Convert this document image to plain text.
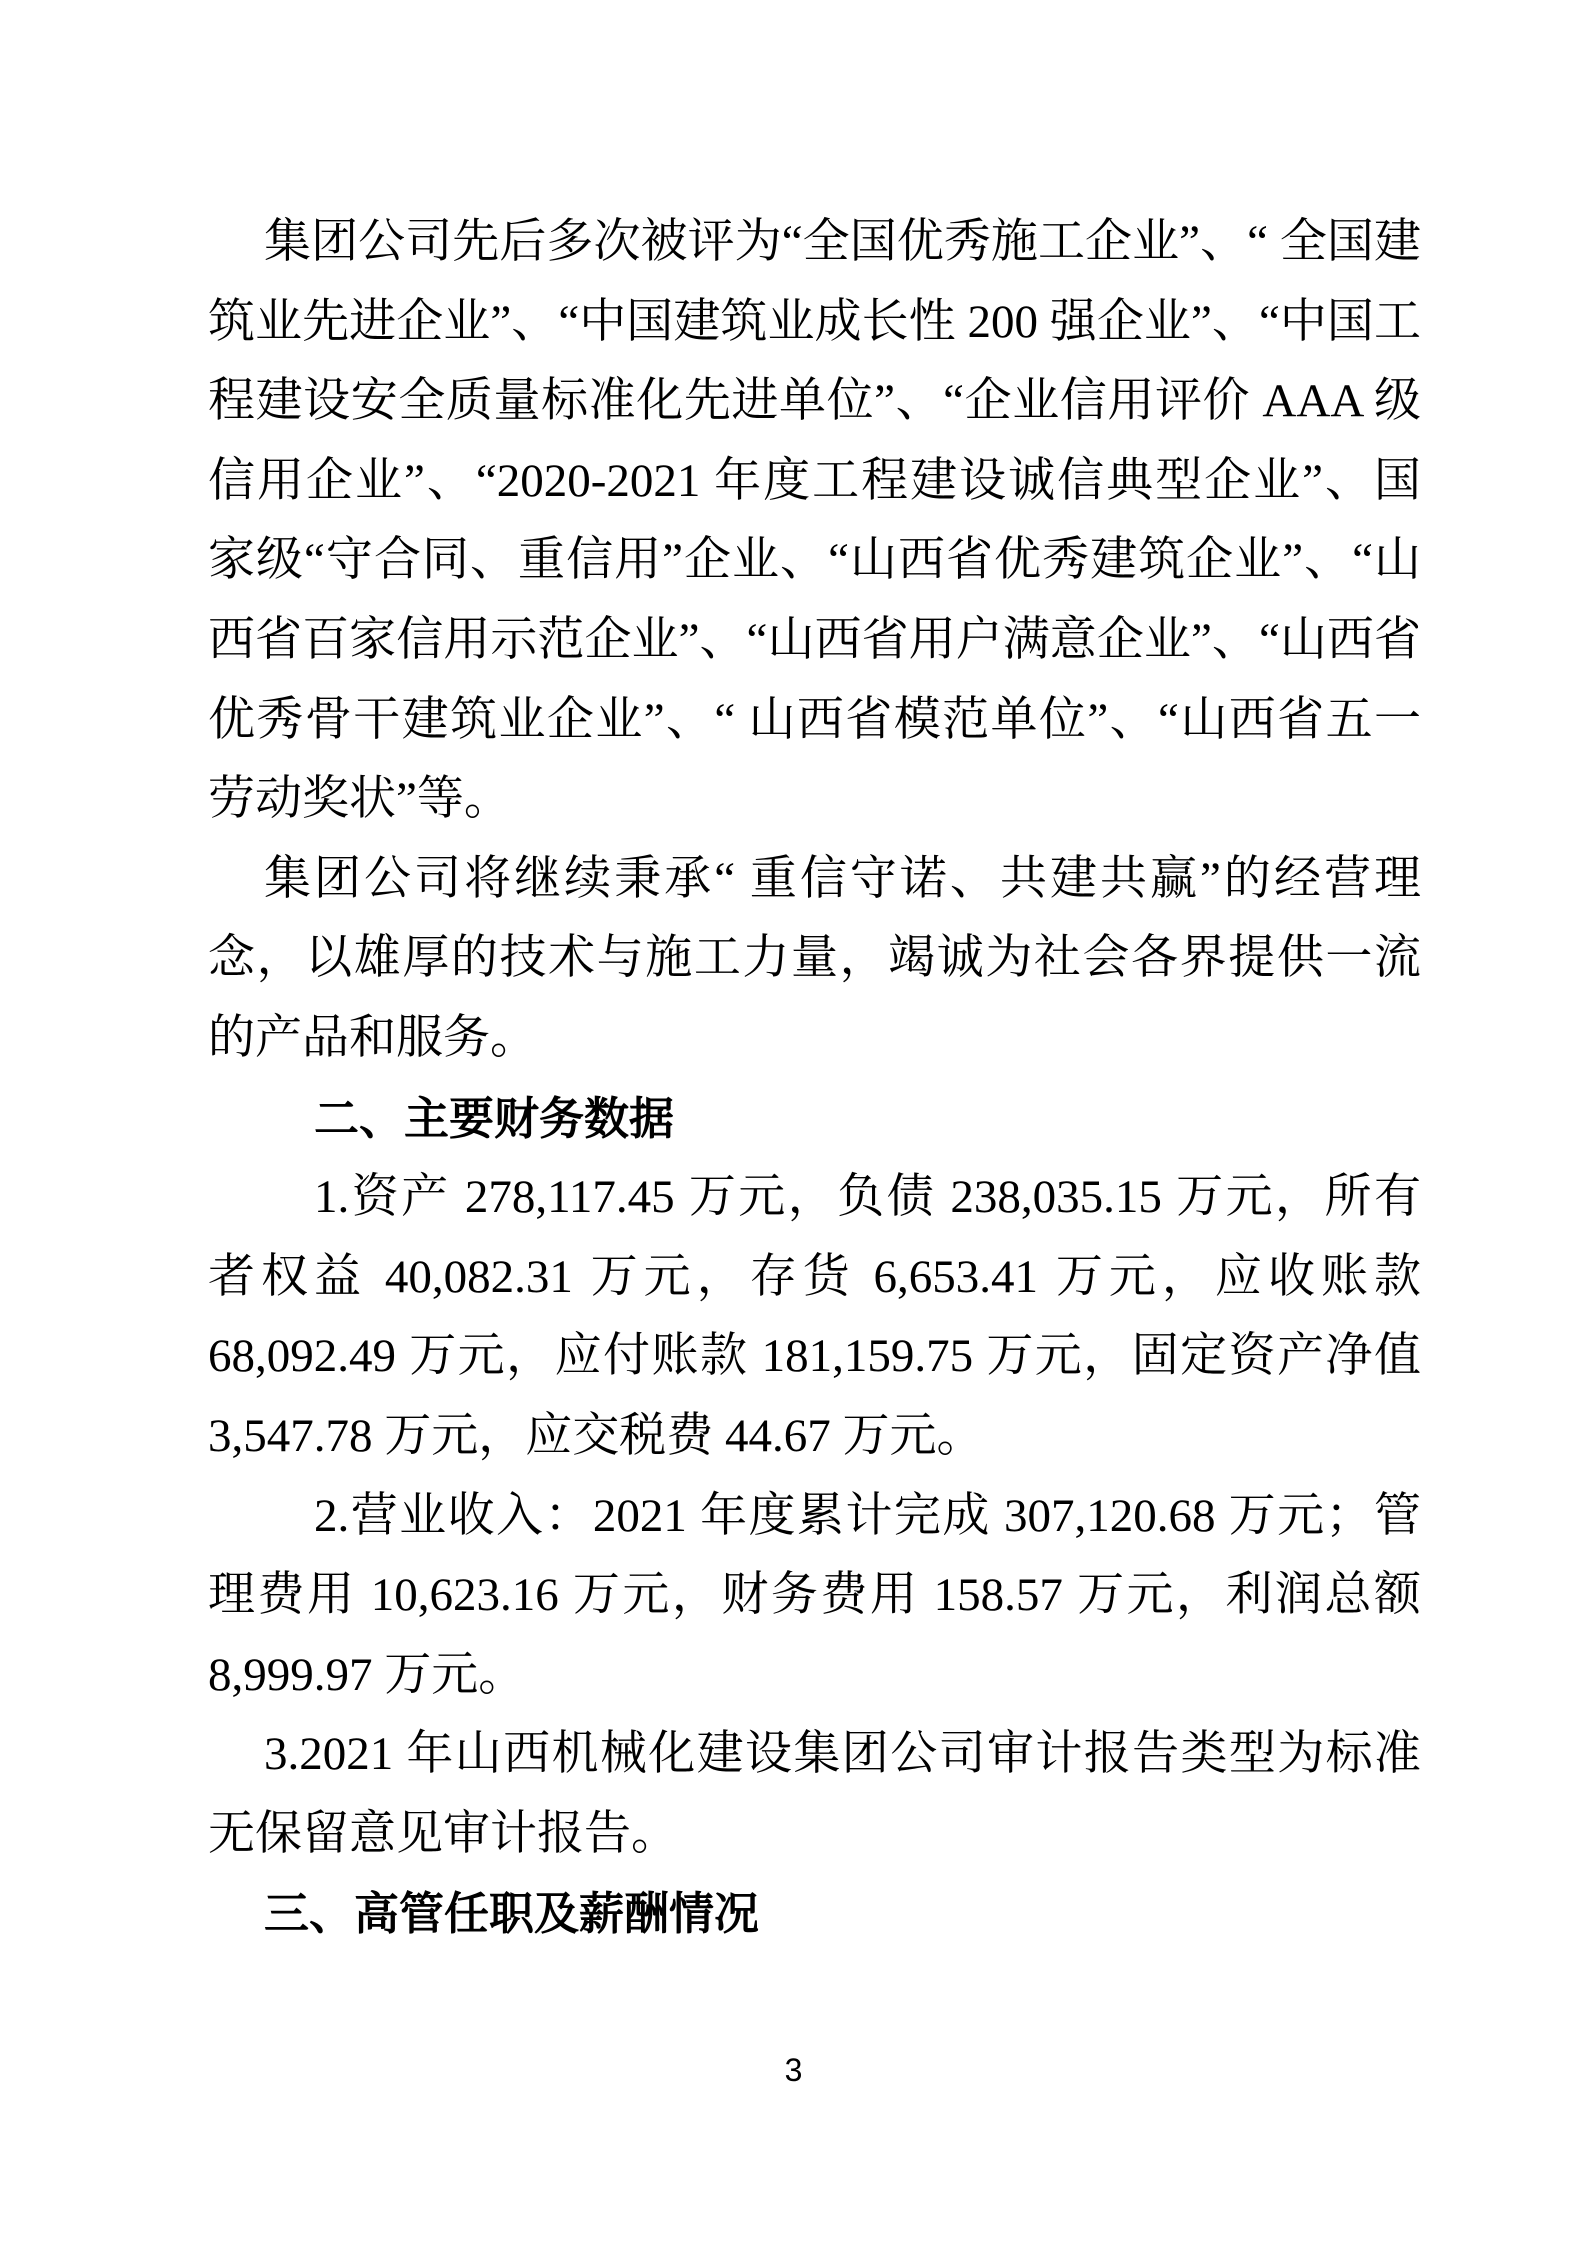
集团公司先后多次被评为“全国优秀施工企业”、“ 全国建筑业先进企业”、“中国建筑业成长性 200 强企业”、“中国工程建设安全质量标准化先进单位”、“企业信用评价 AAA 级信用企业”、“2020-2021 年度工程建设诚信典型企业”、国家级“守合同、重信用”企业、“山西省优秀建筑企业”、“山西省百家信用示范企业”、“山西省用户满意企业”、“山西省优秀骨干建筑业企业”、“ 山西省模范单位”、“山西省五一劳动奖状”等。

集团公司将继续秉承“ 重信守诺、共建共赢”的经营理念，以雄厚的技术与施工力量，竭诚为社会各界提供一流的产品和服务。

二、主要财务数据

1.资产 278,117.45 万元，负债 238,035.15 万元，所有者权益 40,082.31 万元，存货 6,653.41 万元，应收账款 68,092.49 万元，应付账款 181,159.75 万元，固定资产净值 3,547.78 万元，应交税费 44.67 万元。

2.营业收入：2021 年度累计完成 307,120.68 万元；管理费用 10,623.16 万元，财务费用 158.57 万元，利润总额 8,999.97 万元。

3.2021 年山西机械化建设集团公司审计报告类型为标准无保留意见审计报告。

三、高管任职及薪酬情况
3
